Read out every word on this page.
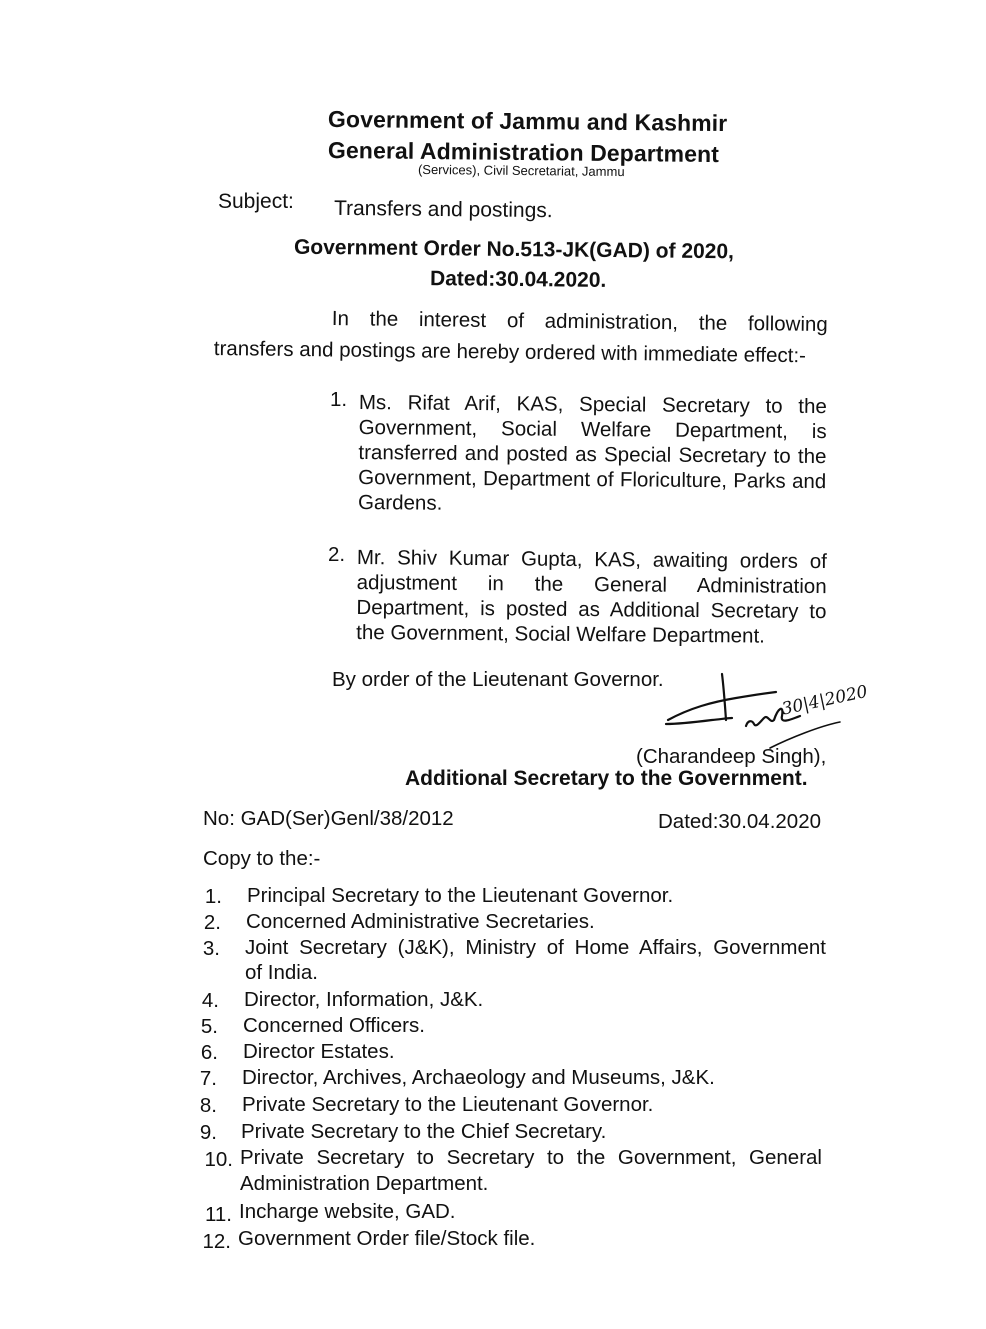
Government of Jammu and Kashmir
General Administration Department
(Services), Civil Secretariat, Jammu
Subject: Transfers and postings.
Government Order No.513-JK(GAD) of 2020,
Dated:30.04.2020.
In the interest of administration, the following
transfers and postings are hereby ordered with immediate effect:-
1. Ms. Rifat Arif, KAS, Special Secretary to the
Government, Social Welfare Department, is
transferred and posted as Special Secretary to the
Government, Department of Floriculture, Parks and
Gardens.
2. Mr. Shiv Kumar Gupta, KAS, awaiting orders of
adjustment in the General Administration
Department, is posted as Additional Secretary to
the Government, Social Welfare Department.
By order of the Lieutenant Governor.
30|4|2020
(Charandeep Singh),
Additional Secretary to the Government.
No: GAD(Ser)Genl/38/2012	Dated:30.04.2020
Copy to the:-
1. Principal Secretary to the Lieutenant Governor.
2. Concerned Administrative Secretaries.
3. Joint Secretary (J&K), Ministry of Home Affairs, Government
of India.
4. Director, Information, J&K.
5. Concerned Officers.
6. Director Estates.
7. Director, Archives, Archaeology and Museums, J&K.
8. Private Secretary to the Lieutenant Governor.
9. Private Secretary to the Chief Secretary.
10. Private Secretary to Secretary to the Government, General
Administration Department.
11. Incharge website, GAD.
12. Government Order file/Stock file.
